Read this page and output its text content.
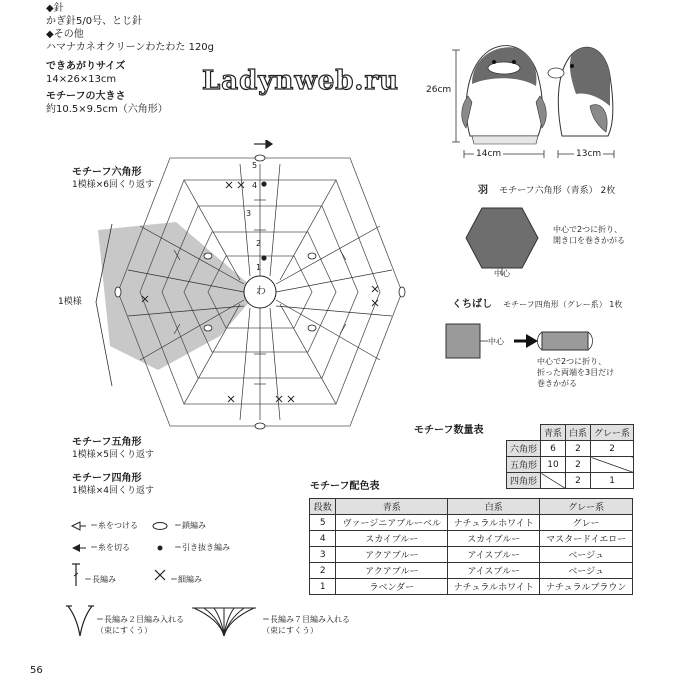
◆針
かぎ針5/0号、とじ針
◆その他
ハマナカネオクリーンわたわた 120g
できあがりサイズ
14×26×13cm
モチーフの大きさ
約10.5×9.5cm（六角形）
Ladynweb.ru	26cm
14cm	13cm
わ
1
2
3
4
5
1模様
モチーフ六角形
1模様×6回くり返す
モチーフ五角形
1模様×5回くり返す
モチーフ四角形
1模様×4回くり返す
羽 モチーフ六角形（青系） 2枚
中心
中心で2つに折り、
開き口を巻きかがる
くちばし モチーフ四角形（グレー系） 1枚
中心
中心で2つに折り、
折った両端を3目だけ
巻きかがる
モチーフ数量表
		青系	白系	グレー系
六角形	6	2	2
五角形	10	2	
四角形		2	1
モチーフ配色表
段数	青系	白系	グレー系
5	ヴァージニアブルーベル	ナチュラルホワイト	グレー
4	スカイブルー	スカイブルー	マスタードイエロー
3	アクアブルー	アイスブルー	ベージュ
2	アクアブルー	アイスブルー	ベージュ
1	ラベンダー	ナチュラルホワイト	ナチュラルブラウン
＝糸をつける
＝糸を切る
＝長編み
＝鎖編み
＝引き抜き編み
＝細編み
＝長編み２目編み入れる
（束にすくう）
＝長編み７目編み入れる
（束にすくう）
56
